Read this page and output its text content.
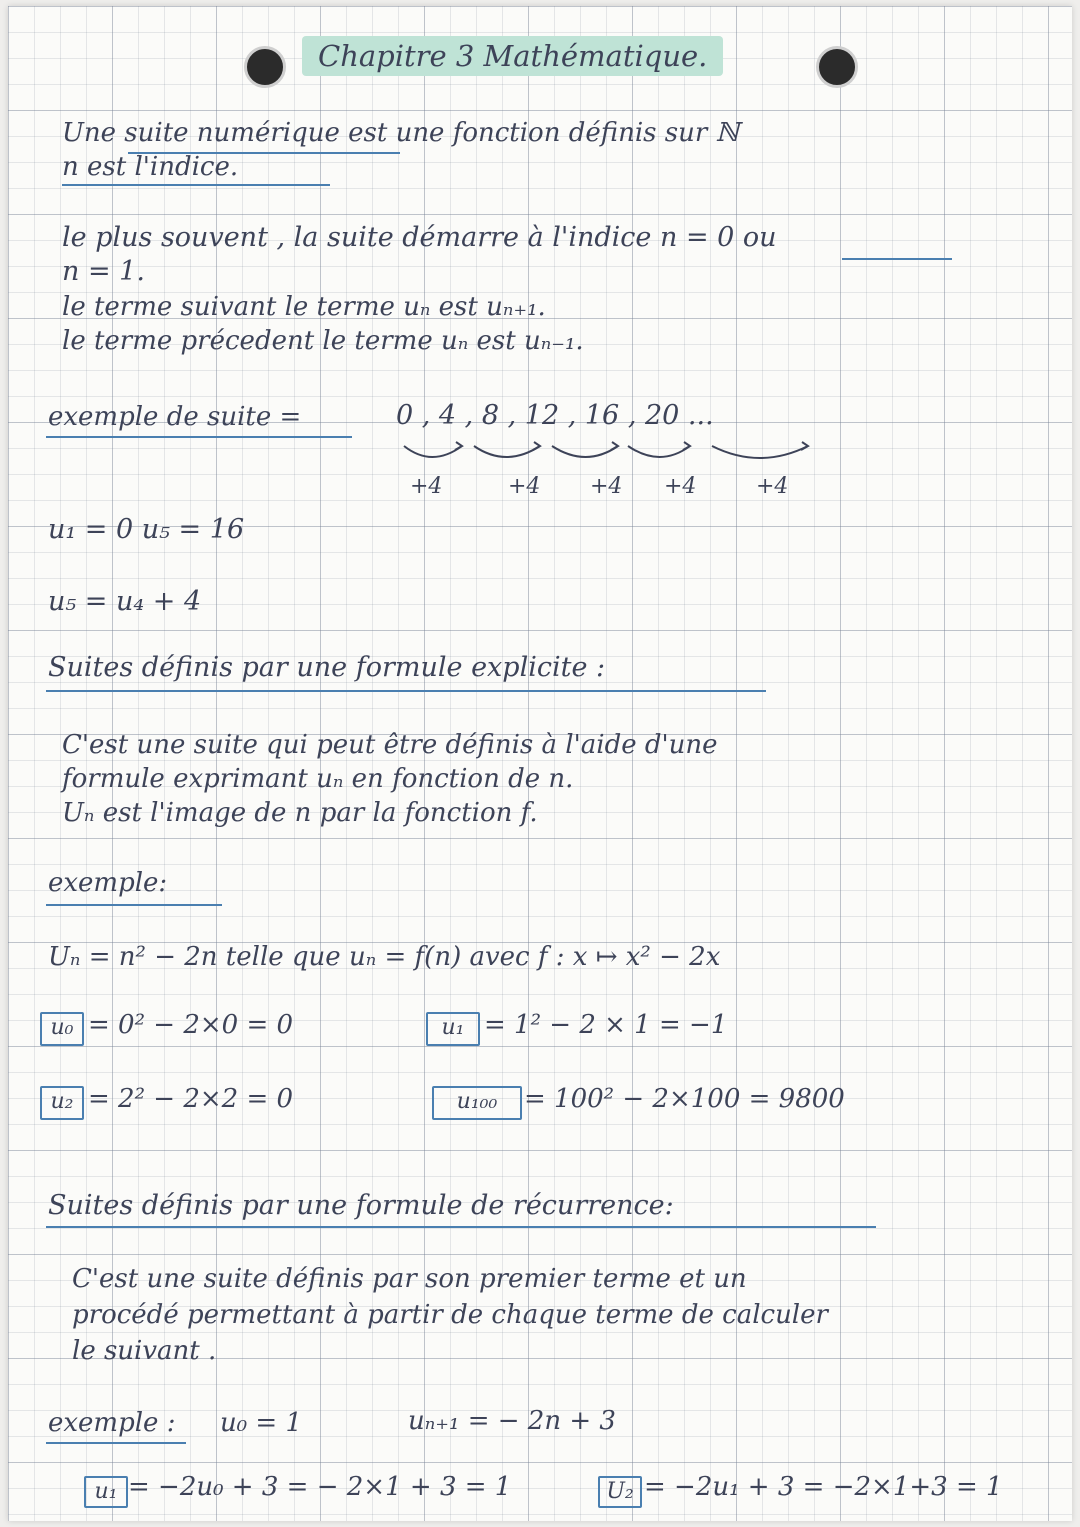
Chapitre 3 Mathématique.
Une suite numérique est une fonction définis sur ℕ
n est l'indice.
le plus souvent , la suite démarre à l'indice n = 0 ou
n = 1.
le terme suivant le terme uₙ est uₙ₊₁.
le terme précedent le terme uₙ est uₙ₋₁.
exemple de suite =	0 , 4 , 8 , 12 , 16 , 20 ...
+4	+4 +4 +4	+4
u₁ = 0 u₅ = 16
u₅ = u₄ + 4
Suites définis par une formule explicite :
C'est une suite qui peut être définis à l'aide d'une
formule exprimant uₙ en fonction de n.
Uₙ est l'image de n par la fonction f.
exemple:
Uₙ = n² − 2n telle que uₙ = f(n) avec f : x ↦ x² − 2x
u₀ = 0² − 2×0 = 0	u₁ = 1² − 2 × 1 = −1
u₂ = 2² − 2×2 = 0	u₁₀₀	= 100² − 2×100 = 9800
Suites définis par une formule de récurrence:
C'est une suite définis par son premier terme et un
procédé permettant à partir de chaque terme de calculer
le suivant .
exemple : u₀ = 1	uₙ₊₁ = − 2n + 3
u₁ = −2u₀ + 3 = − 2×1 + 3 = 1	U₂ = −2u₁ + 3 = −2×1+3 = 1
